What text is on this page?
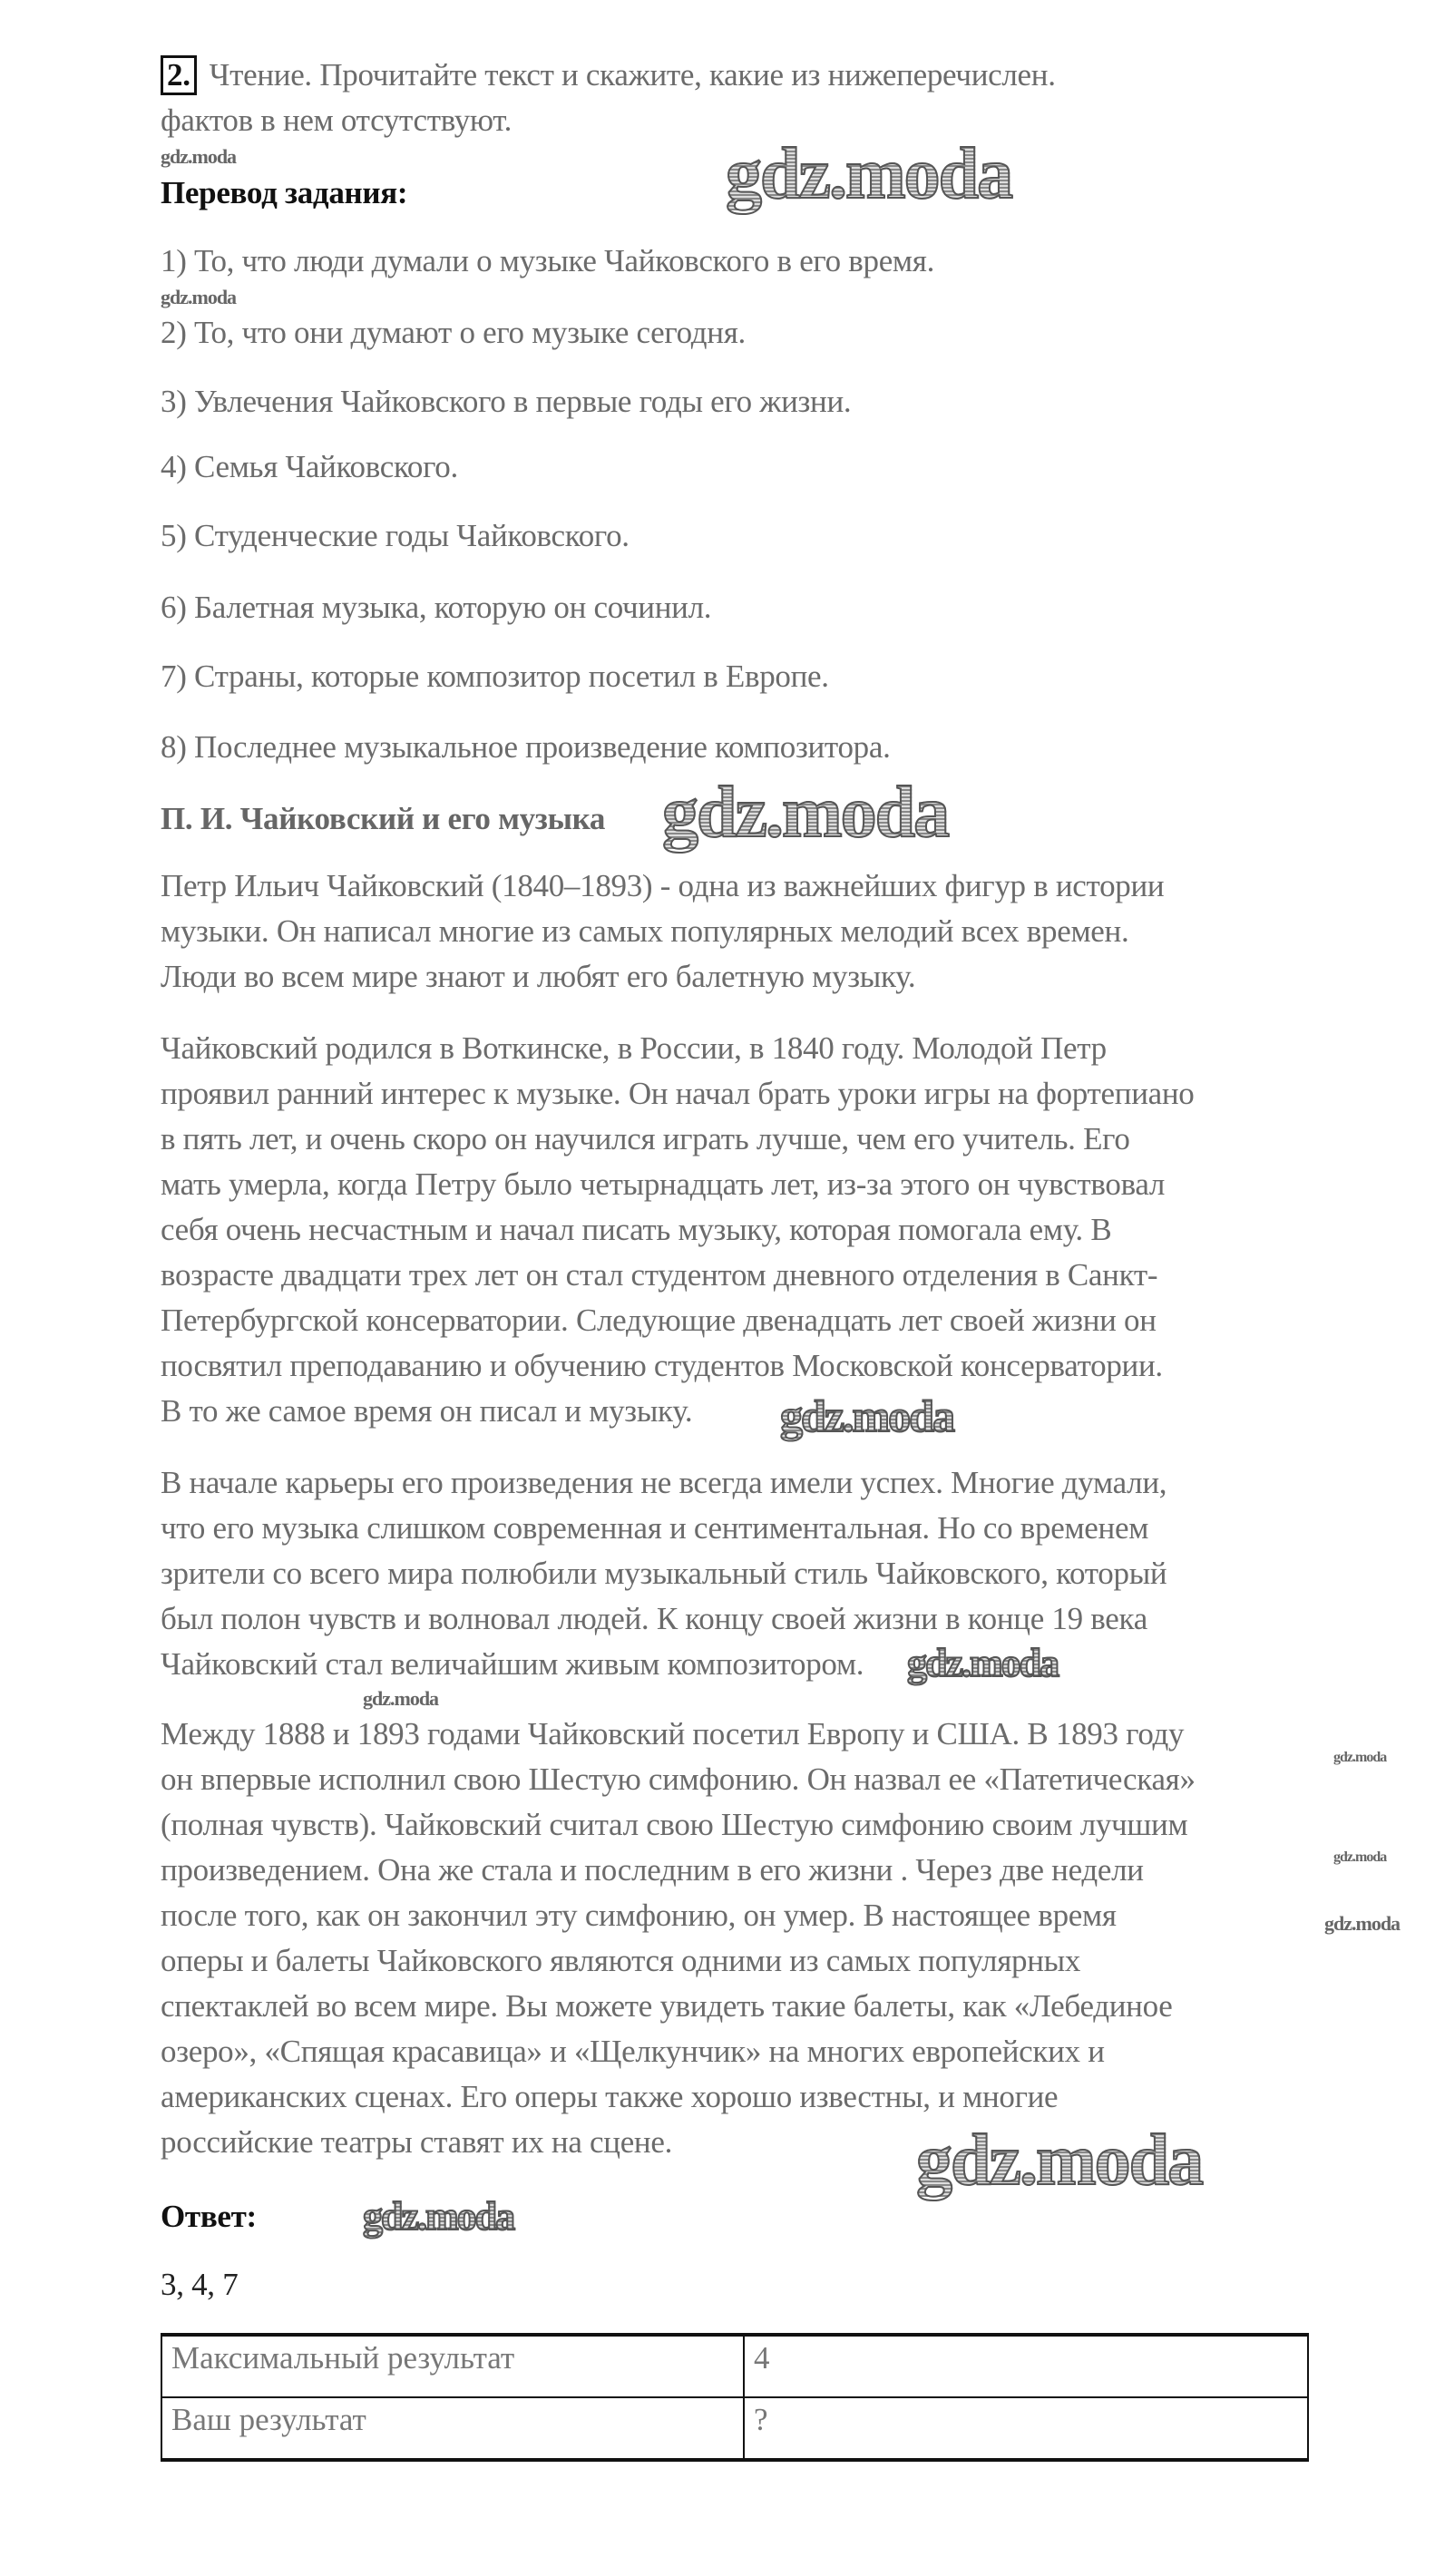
2. Чтение. Прочитайте текст и скажите, какие из нижеперечислен.
фактов в нем отсутствуют.
Перевод задания:
1) То, что люди думали о музыке Чайковского в его время.
2) То, что они думают о его музыке сегодня.
3) Увлечения Чайковского в первые годы его жизни.
4) Семья Чайковского.
5) Студенческие годы Чайковского.
6) Балетная музыка, которую он сочинил.
7) Страны, которые композитор посетил в Европе.
8) Последнее музыкальное произведение композитора.
П. И. Чайковский и его музыка
Петр Ильич Чайковский (1840–1893) - одна из важнейших фигур в истории
музыки. Он написал многие из самых популярных мелодий всех времен.
Люди во всем мире знают и любят его балетную музыку.
Чайковский родился в Воткинске, в России, в 1840 году. Молодой Петр
проявил ранний интерес к музыке. Он начал брать уроки игры на фортепиано
в пять лет, и очень скоро он научился играть лучше, чем его учитель. Его
мать умерла, когда Петру было четырнадцать лет, из-за этого он чувствовал
себя очень несчастным и начал писать музыку, которая помогала ему. В
возрасте двадцати трех лет он стал студентом дневного отделения в Санкт-
Петербургской консерватории. Следующие двенадцать лет своей жизни он
посвятил преподаванию и обучению студентов Московской консерватории.
В то же самое время он писал и музыку.
В начале карьеры его произведения не всегда имели успех. Многие думали,
что его музыка слишком современная и сентиментальная. Но со временем
зрители со всего мира полюбили музыкальный стиль Чайковского, который
был полон чувств и волновал людей. К концу своей жизни в конце 19 века
Чайковский стал величайшим живым композитором.
Между 1888 и 1893 годами Чайковский посетил Европу и США. В 1893 году
он впервые исполнил свою Шестую симфонию. Он назвал ее «Патетическая»
(полная чувств). Чайковский считал свою Шестую симфонию своим лучшим
произведением. Она же стала и последним в его жизни . Через две недели
после того, как он закончил эту симфонию, он умер. В настоящее время
оперы и балеты Чайковского являются одними из самых популярных
спектаклей во всем мире. Вы можете увидеть такие балеты, как «Лебединое
озеро», «Спящая красавица» и «Щелкунчик» на многих европейских и
американских сценах. Его оперы также хорошо известны, и многие
российские театры ставят их на сцене.
Ответ:
3, 4, 7
Максимальный результат	4
Ваш результат	?
gdz.moda
gdz.moda
gdz.moda
gdz.moda
gdz.moda
gdz.moda
gdz.moda
gdz.moda
gdz.moda
gdz.moda
gdz.moda
gdz.moda
